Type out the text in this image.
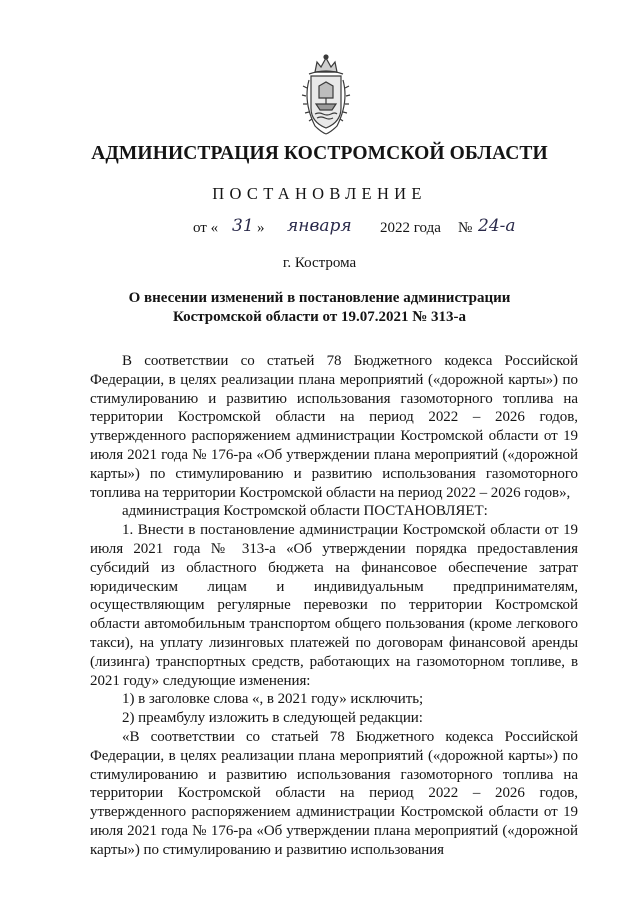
АДМИНИСТРАЦИЯ КОСТРОМСКОЙ ОБЛАСТИ
ПОСТАНОВЛЕНИЕ
от « 31 » января 2022 года № 24-а
г. Кострома
О внесении изменений в постановление администрации
Костромской области от 19.07.2021 № 313-а

В соответствии со статьей 78 Бюджетного кодекса Российской Федерации, в целях реализации плана мероприятий («дорожной карты») по стимулированию и развитию использования газомоторного топлива на территории Костромской области на период 2022 – 2026 годов, утвержденного распоряжением администрации Костромской области от 19 июля 2021 года № 176-ра «Об утверждении плана мероприятий («дорожной карты») по стимулированию и развитию использования газомоторного топлива на территории Костромской области на период 2022 – 2026 годов»,

администрация Костромской области ПОСТАНОВЛЯЕТ:

1. Внести в постановление администрации Костромской области от 19 июля 2021 года № 313-а «Об утверждении порядка предоставления субсидий из областного бюджета на финансовое обеспечение затрат юридическим лицам и индивидуальным предпринимателям, осуществляющим регулярные перевозки по территории Костромской области автомобильным транспортом общего пользования (кроме легкового такси), на уплату лизинговых платежей по договорам финансовой аренды (лизинга) транспортных средств, работающих на газомоторном топливе, в 2021 году» следующие изменения:

1) в заголовке слова «, в 2021 году» исключить;

2) преамбулу изложить в следующей редакции:

«В соответствии со статьей 78 Бюджетного кодекса Российской Федерации, в целях реализации плана мероприятий («дорожной карты») по стимулированию и развитию использования газомоторного топлива на территории Костромской области на период 2022 – 2026 годов, утвержденного распоряжением администрации Костромской области от 19 июля 2021 года № 176-ра «Об утверждении плана мероприятий («дорожной карты») по стимулированию и развитию использования
